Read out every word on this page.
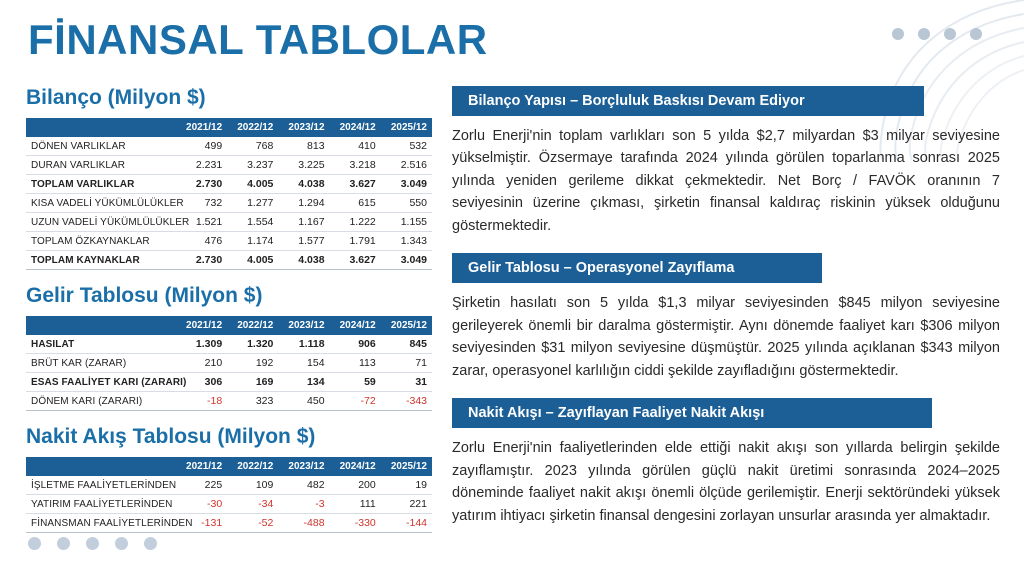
FİNANSAL TABLOLAR
Bilanço (Milyon $)
	2021/12	2022/12	2023/12	2024/12	2025/12
DÖNEN VARLIKLAR	499	768	813	410	532
DURAN VARLIKLAR	2.231	3.237	3.225	3.218	2.516
TOPLAM VARLIKLAR	2.730	4.005	4.038	3.627	3.049
KISA VADELİ YÜKÜMLÜLÜKLER	732	1.277	1.294	615	550
UZUN VADELİ YÜKÜMLÜLÜKLER	1.521	1.554	1.167	1.222	1.155
TOPLAM ÖZKAYNAKLAR	476	1.174	1.577	1.791	1.343
TOPLAM KAYNAKLAR	2.730	4.005	4.038	3.627	3.049
Gelir Tablosu (Milyon $)
	2021/12	2022/12	2023/12	2024/12	2025/12
HASILAT	1.309	1.320	1.118	906	845
BRÜT KAR (ZARAR)	210	192	154	113	71
ESAS FAALİYET KARI (ZARARI)	306	169	134	59	31
DÖNEM KARI (ZARARI)	-18	323	450	-72	-343
Nakit Akış Tablosu (Milyon $)
	2021/12	2022/12	2023/12	2024/12	2025/12
İŞLETME FAALİYETLERİNDEN	225	109	482	200	19
YATIRIM FAALİYETLERİNDEN	-30	-34	-3	111	221
FİNANSMAN FAALİYETLERİNDEN	-131	-52	-488	-330	-144
Bilanço Yapısı – Borçluluk Baskısı Devam Ediyor

Zorlu Enerji'nin toplam varlıkları son 5 yılda $2,7 milyardan $3 milyar seviyesine yükselmiştir. Özsermaye tarafında 2024 yılında görülen toparlanma sonrası 2025 yılında yeniden gerileme dikkat çekmektedir. Net Borç / FAVÖK oranının 7 seviyesinin üzerine çıkması, şirketin finansal kaldıraç riskinin yüksek olduğunu göstermektedir.

Gelir Tablosu – Operasyonel Zayıflama

Şirketin hasılatı son 5 yılda $1,3 milyar seviyesinden $845 milyon seviyesine gerileyerek önemli bir daralma göstermiştir. Aynı dönemde faaliyet karı $306 milyon seviyesinden $31 milyon seviyesine düşmüştür. 2025 yılında açıklanan $343 milyon zarar, operasyonel karlılığın ciddi şekilde zayıfladığını göstermektedir.

Nakit Akışı – Zayıflayan Faaliyet Nakit Akışı

Zorlu Enerji'nin faaliyetlerinden elde ettiği nakit akışı son yıllarda belirgin şekilde zayıflamıştır. 2023 yılında görülen güçlü nakit üretimi sonrasında 2024–2025 döneminde faaliyet nakit akışı önemli ölçüde gerilemiştir. Enerji sektöründeki yüksek yatırım ihtiyacı şirketin finansal dengesini zorlayan unsurlar arasında yer almaktadır.
